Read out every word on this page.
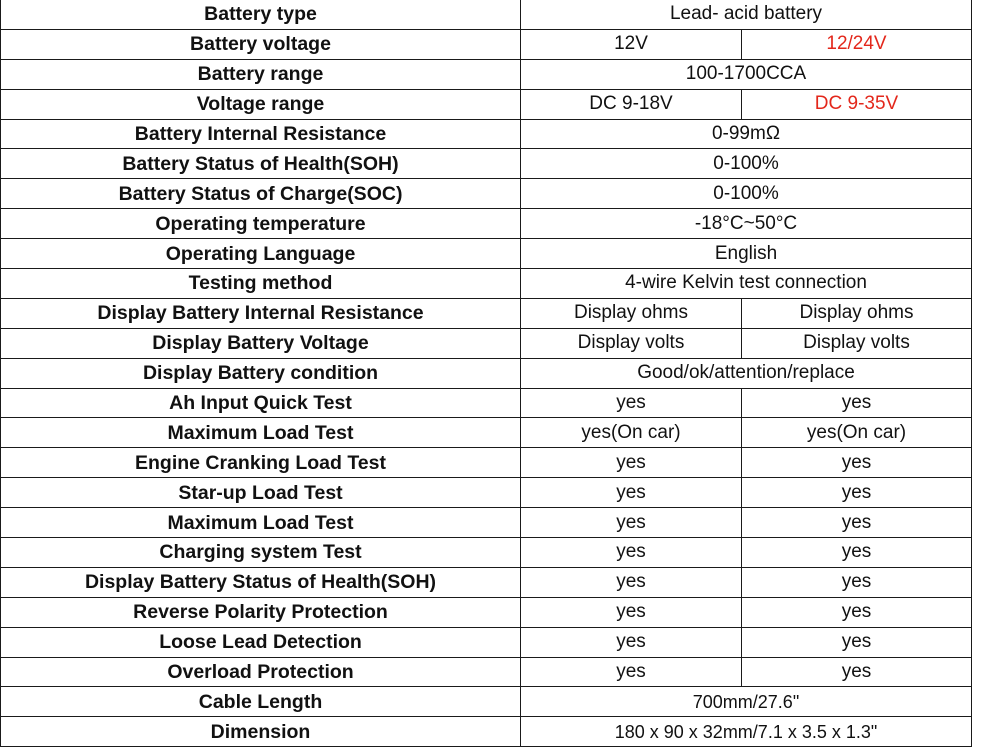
Battery type	Lead- acid battery	
Battery voltage	12V	12/24V
Battery range	100-1700CCA	
Voltage range	DC 9-18V	DC 9-35V
Battery Internal Resistance	0-99mΩ	
Battery Status of Health(SOH)	0-100%	
Battery Status of Charge(SOC)	0-100%	
Operating temperature	-18°C~50°C	
Operating Language	English	
Testing method	4-wire Kelvin test connection	
Display Battery Internal Resistance	Display ohms	Display ohms
Display Battery Voltage	Display volts	Display volts
Display Battery condition	Good/ok/attention/replace	
Ah Input Quick Test	yes	yes
Maximum Load Test	yes(On car)	yes(On car)
Engine Cranking Load Test	yes	yes
Star-up Load Test	yes	yes
Maximum Load Test	yes	yes
Charging system Test	yes	yes
Display Battery Status of Health(SOH)	yes	yes
Reverse Polarity Protection	yes	yes
Loose Lead Detection	yes	yes
Overload Protection	yes	yes
Cable Length	700mm/27.6"	
Dimension	180 x 90 x 32mm/7.1 x 3.5 x 1.3"	
